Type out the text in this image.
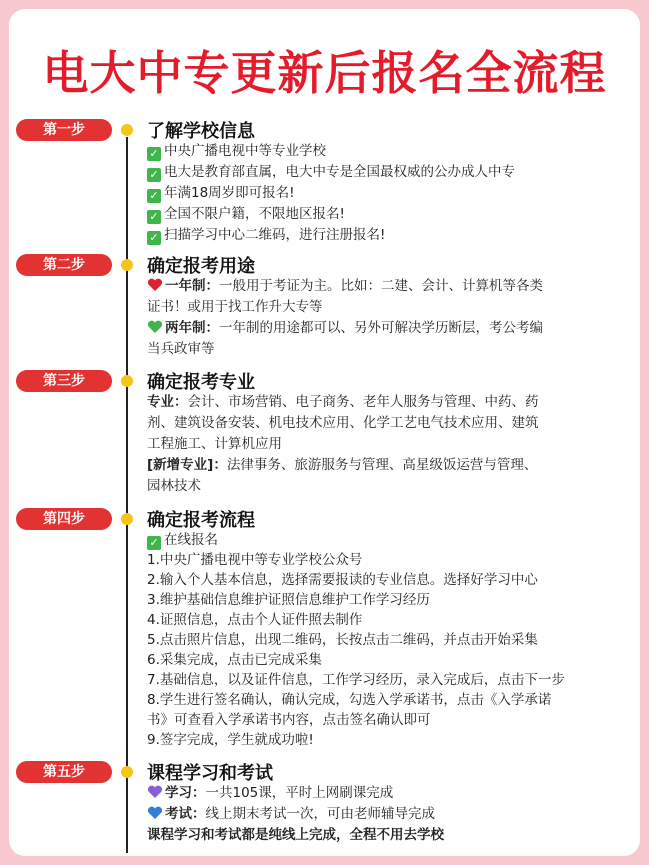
电大中专更新后报名全流程
第一步	了解学校信息
✓ 中央广播电视中等专业学校
✓ 电大是教育部直属，电大中专是全国最权威的公办成人中专
✓ 年满18周岁即可报名!
✓ 全国不限户籍，不限地区报名!
✓ 扫描学习中心二维码，进行注册报名!
第二步	确定报考用途
一年制：一般用于考证为主。比如：二建、会计、计算机等各类
证书！或用于找工作升大专等
两年制：一年制的用途都可以、另外可解决学历断层，考公考编
当兵政审等
第三步	确定报考专业
专业：会计、市场营销、电子商务、老年人服务与管理、中药、药
剂、建筑设备安装、机电技术应用、化学工艺电气技术应用、建筑
工程施工、计算机应用
[新增专业]：法律事务、旅游服务与管理、高星级饭运营与管理、
园林技术
第四步	确定报考流程
✓ 在线报名
1.中央广播电视中等专业学校公众号
2.输入个人基本信息，选择需要报读的专业信息。选择好学习中心
3.维护基础信息维护证照信息维护工作学习经历
4.证照信息，点击个人证件照去制作
5.点击照片信息，出现二维码，长按点击二维码，并点击开始采集
6.采集完成，点击已完成采集
7.基础信息，以及证件信息，工作学习经历，录入完成后，点击下一步
8.学生进行签名确认，确认完成，勾选入学承诺书，点击《入学承诺
书》可查看入学承诺书内容，点击签名确认即可
9.签字完成，学生就成功啦!
第五步	课程学习和考试
学习：一共105课，平时上网刷课完成
考试：线上期末考试一次，可由老师辅导完成
课程学习和考试都是纯线上完成，全程不用去学校
